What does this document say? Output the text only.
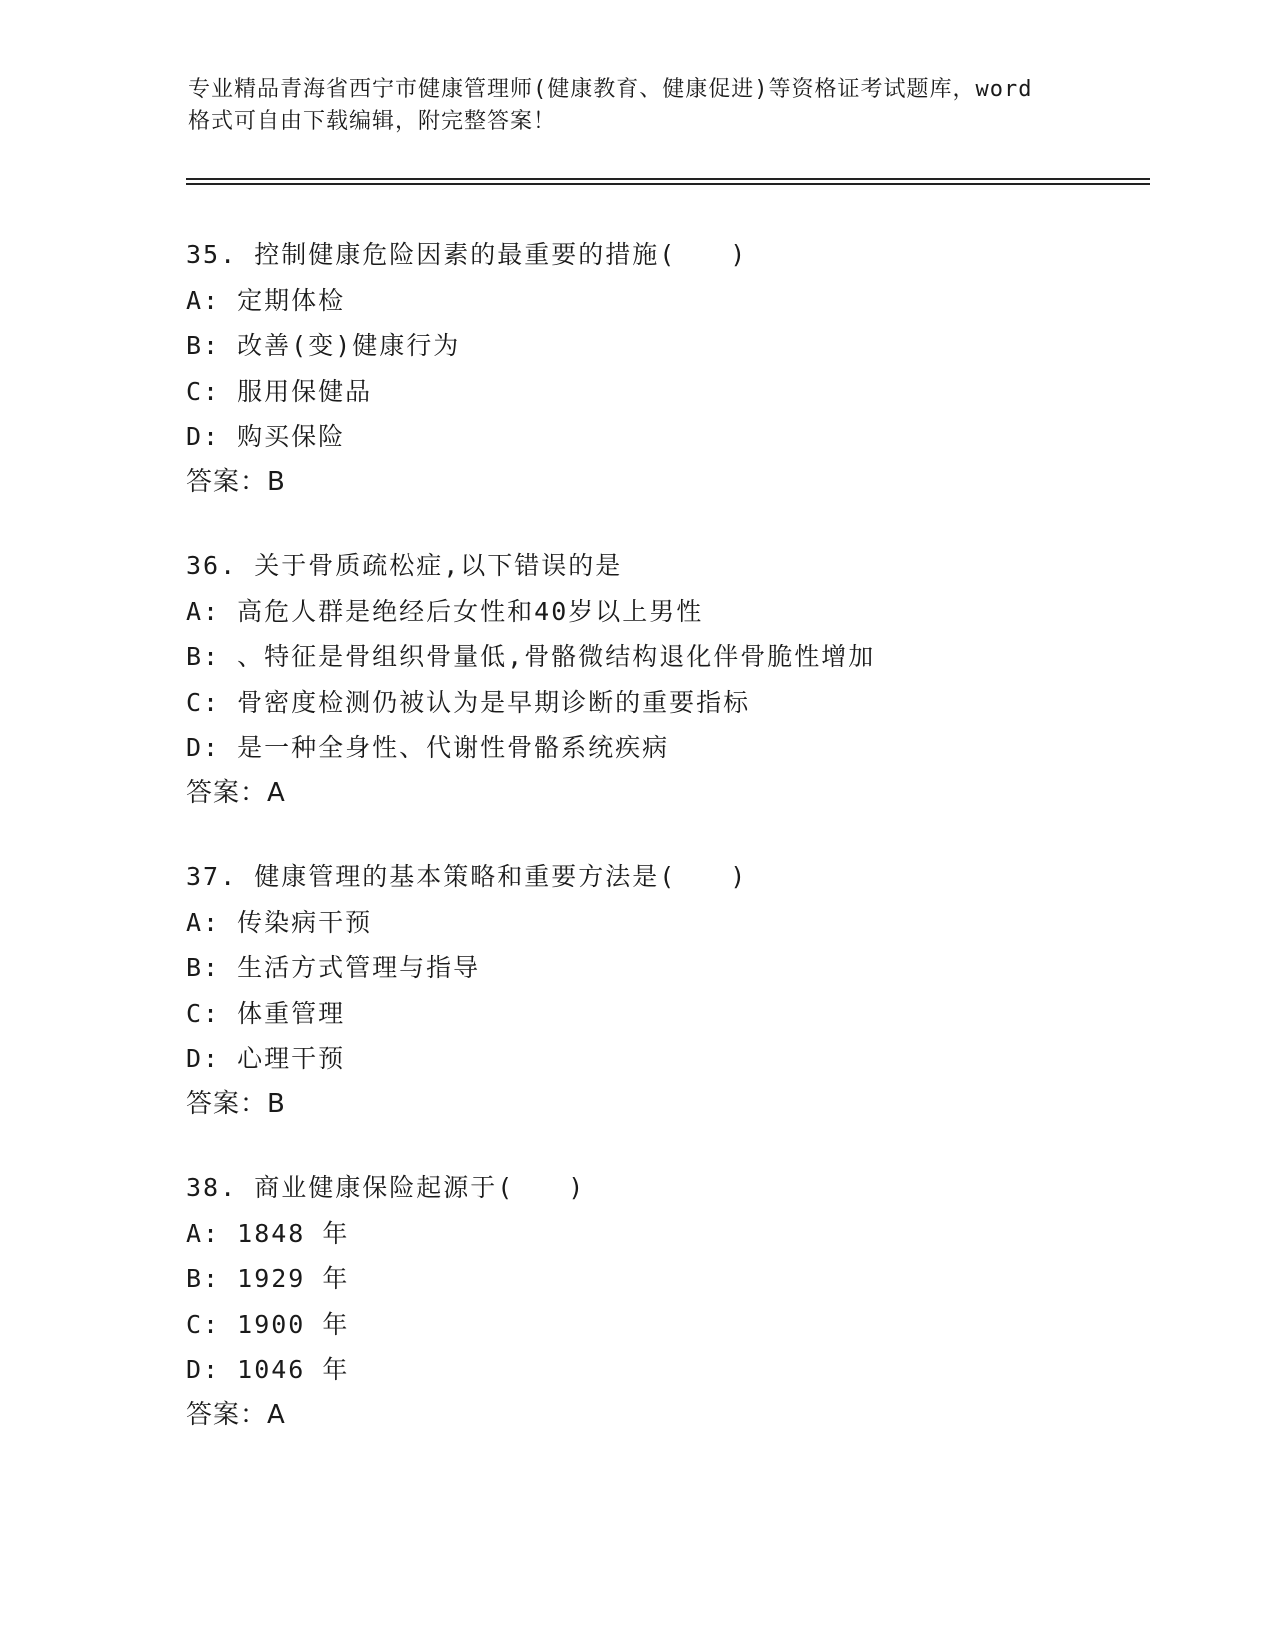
专业精品青海省西宁市健康管理师(健康教育、健康促进)等资格证考试题库，word
格式可自由下载编辑，附完整答案！
35. 控制健康危险因素的最重要的措施(　　)
A: 定期体检
B: 改善(变)健康行为
C: 服用保健品
D: 购买保险
答案：B
36. 关于骨质疏松症,以下错误的是
A: 高危人群是绝经后女性和40岁以上男性
B: 、特征是骨组织骨量低,骨骼微结构退化伴骨脆性增加
C: 骨密度检测仍被认为是早期诊断的重要指标
D: 是一种全身性、代谢性骨骼系统疾病
答案：A
37. 健康管理的基本策略和重要方法是(　　)
A: 传染病干预
B: 生活方式管理与指导
C: 体重管理
D: 心理干预
答案：B
38. 商业健康保险起源于(　　)
A: 1848 年
B: 1929 年
C: 1900 年
D: 1046 年
答案：A
